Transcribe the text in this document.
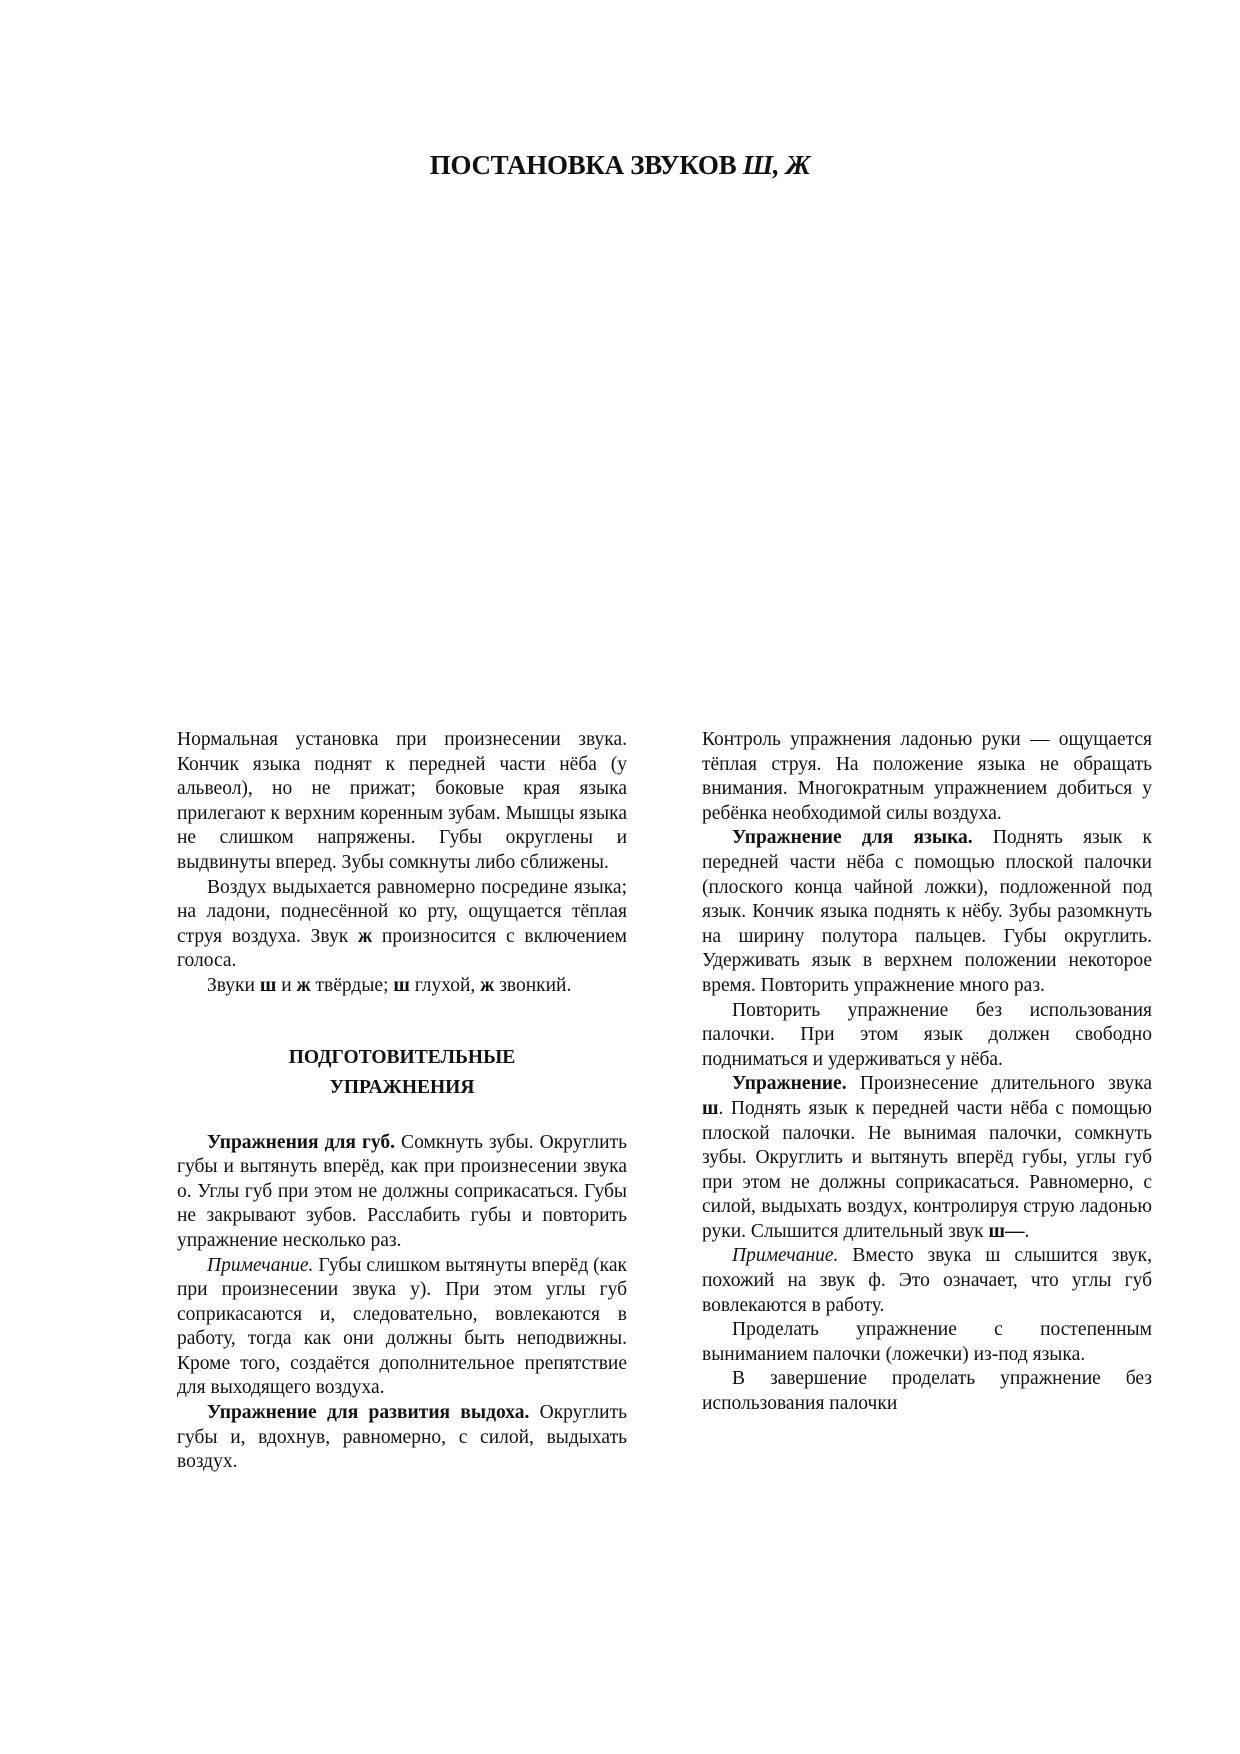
ПОСТАНОВКА ЗВУКОВ Ш, Ж

Нормальная установка при произнесении звука. Кончик языка поднят к передней части нёба (у альвеол), но не прижат; боковые края языка прилегают к верхним коренным зубам. Мышцы языка не слишком напряжены. Губы округлены и выдвинуты вперед. Зубы сомкнуты либо сближены.

Воздух выдыхается равномерно посредине языка; на ладони, поднесённой ко рту, ощущается тёплая струя воздуха. Звук ж произносится с включением голоса.

Звуки ш и ж твёрдые; ш глухой, ж звонкий.

ПОДГОТОВИТЕЛЬНЫЕ
УПРАЖНЕНИЯ

Упражнения для губ. Сомкнуть зубы. Округлить губы и вытянуть вперёд, как при произнесении звука о. Углы губ при этом не должны соприкасаться. Губы не закрывают зубов. Расслабить губы и повторить упражнение несколько раз.

Примечание. Губы слишком вытянуты вперёд (как при произнесении звука у). При этом углы губ соприкасаются и, следовательно, вовлекаются в работу, тогда как они должны быть неподвижны. Кроме того, создаётся дополнительное препятствие для выходящего воздуха.

Упражнение для развития выдоха. Округлить губы и, вдохнув, равномерно, с силой, выдыхать воздух.

Контроль упражнения ладонью руки — ощущается тёплая струя. На положение языка не обращать внимания. Многократным упражнением добиться у ребёнка необходимой силы воздуха.

Упражнение для языка. Поднять язык к передней части нёба с помощью плоской палочки (плоского конца чайной ложки), подложенной под язык. Кончик языка поднять к нёбу. Зубы разомкнуть на ширину полутора пальцев. Губы округлить. Удерживать язык в верхнем положении некоторое время. Повторить упражнение много раз.

Повторить упражнение без использования палочки. При этом язык должен свободно подниматься и удерживаться у нёба.

Упражнение. Произнесение длительного звука ш. Поднять язык к передней части нёба с помощью плоской палочки. Не вынимая палочки, сомкнуть зубы. Округлить и вытянуть вперёд губы, углы губ при этом не должны соприкасаться. Равномерно, с силой, выдыхать воздух, контролируя струю ладонью руки. Слышится длительный звук ш—.

Примечание. Вместо звука ш слышится звук, похожий на звук ф. Это означает, что углы губ вовлекаются в работу.

Проделать упражнение с постепенным выниманием палочки (ложечки) из-под языка.

В завершение проделать упражнение без использования палочки
